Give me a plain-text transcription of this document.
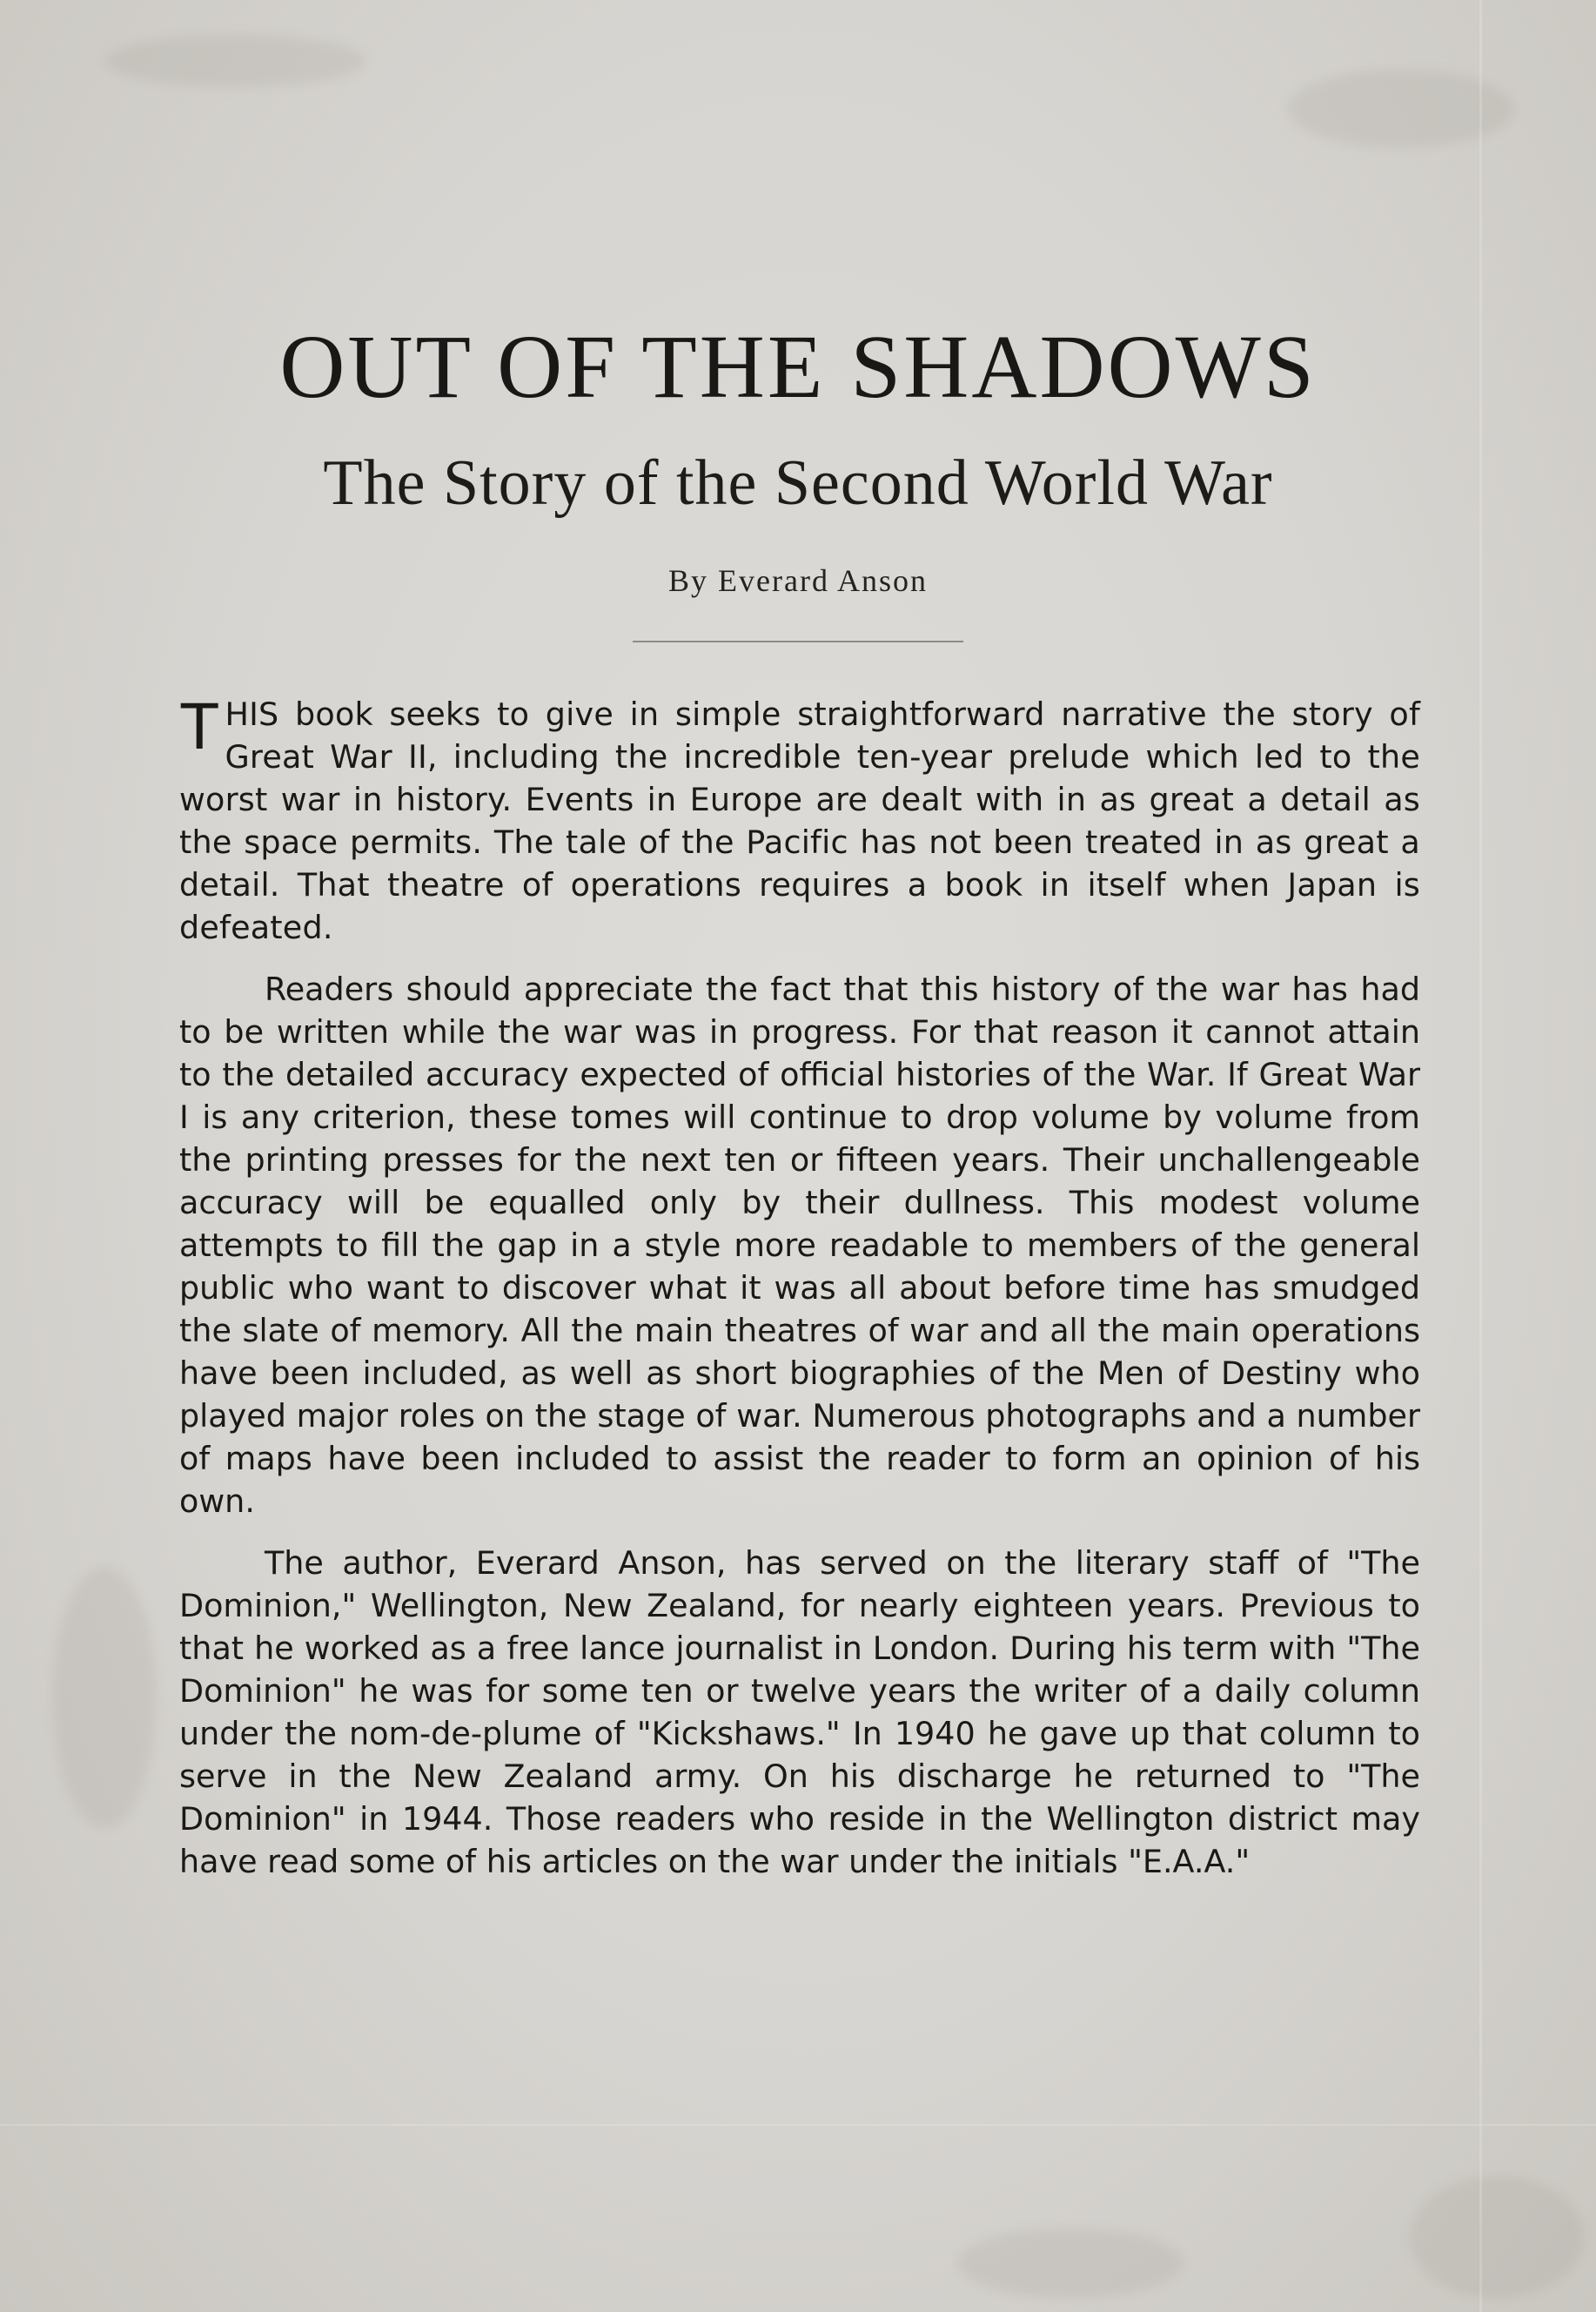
OUT OF THE SHADOWS
The Story of the Second World War
By Everard Anson

THIS book seeks to give in simple straightforward narrative the story of Great War II, including the incredible ten-year prelude which led to the worst war in history. Events in Europe are dealt with in as great a detail as the space permits. The tale of the Pacific has not been treated in as great a detail. That theatre of operations requires a book in itself when Japan is defeated.

Readers should appreciate the fact that this history of the war has had to be written while the war was in progress. For that reason it cannot attain to the detailed accuracy expected of official histories of the War. If Great War I is any criterion, these tomes will continue to drop volume by volume from the printing presses for the next ten or fifteen years. Their unchallengeable accuracy will be equalled only by their dullness. This modest volume attempts to fill the gap in a style more readable to members of the general public who want to discover what it was all about before time has smudged the slate of memory. All the main theatres of war and all the main operations have been included, as well as short biographies of the Men of Destiny who played major roles on the stage of war. Numerous photographs and a number of maps have been included to assist the reader to form an opinion of his own.

The author, Everard Anson, has served on the literary staff of "The Dominion," Wellington, New Zealand, for nearly eighteen years. Previous to that he worked as a free lance journalist in London. During his term with "The Dominion" he was for some ten or twelve years the writer of a daily column under the nom-de-plume of "Kickshaws." In 1940 he gave up that column to serve in the New Zealand army. On his discharge he returned to "The Dominion" in 1944. Those readers who reside in the Wellington district may have read some of his articles on the war under the initials "E.A.A."
